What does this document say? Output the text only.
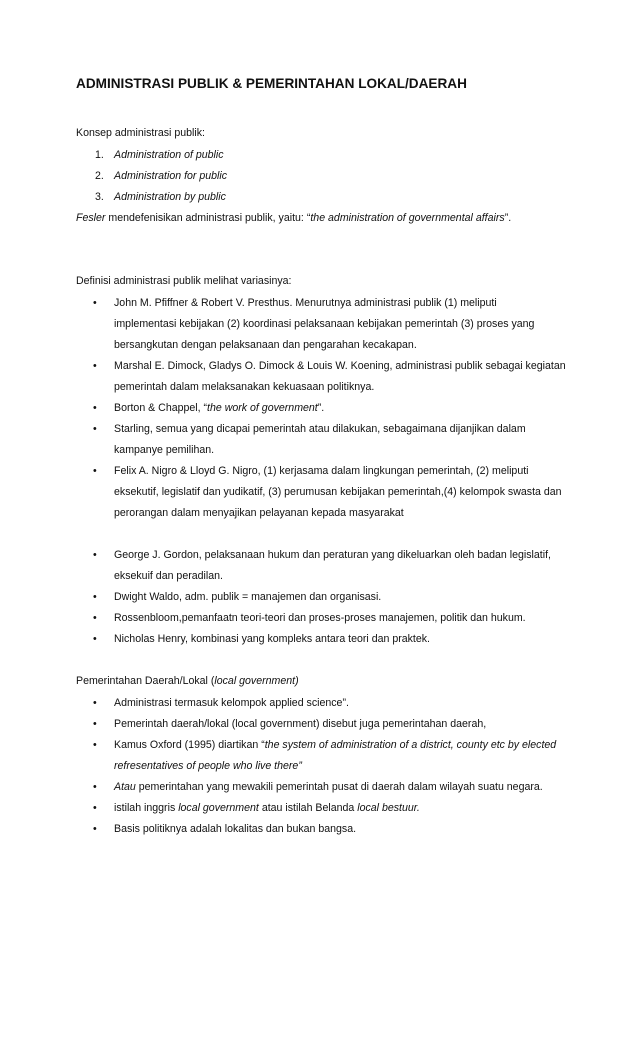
ADMINISTRASI PUBLIK & PEMERINTAHAN LOKAL/DAERAH
Konsep administrasi publik:
1. Administration of public
2. Administration for public
3. Administration by public
Fesler mendefenisikan administrasi publik, yaitu: “the administration of governmental affairs”.
Definisi administrasi publik melihat variasinya:
• John M. Pfiffner & Robert V. Presthus. Menurutnya administrasi publik (1) meliputi
implementasi kebijakan (2) koordinasi pelaksanaan kebijakan pemerintah (3) proses yang
bersangkutan dengan pelaksanaan dan pengarahan kecakapan.
• Marshal E. Dimock, Gladys O. Dimock & Louis W. Koening, administrasi publik sebagai kegiatan
pemerintah dalam melaksanakan kekuasaan politiknya.
• Borton & Chappel, “the work of government”.
• Starling, semua yang dicapai pemerintah atau dilakukan, sebagaimana dijanjikan dalam
kampanye pemilihan.
• Felix A. Nigro & Lloyd G. Nigro, (1) kerjasama dalam lingkungan pemerintah, (2) meliputi
eksekutif, legislatif dan yudikatif, (3) perumusan kebijakan pemerintah,(4) kelompok swasta dan
perorangan dalam menyajikan pelayanan kepada masyarakat
• George J. Gordon, pelaksanaan hukum dan peraturan yang dikeluarkan oleh badan legislatif,
eksekuif dan peradilan.
• Dwight Waldo, adm. publik = manajemen dan organisasi.
• Rossenbloom,pemanfaatn teori-teori dan proses-proses manajemen, politik dan hukum.
• Nicholas Henry, kombinasi yang kompleks antara teori dan praktek.
Pemerintahan Daerah/Lokal (local government)
• Administrasi termasuk kelompok applied science”.
• Pemerintah daerah/lokal (local government) disebut juga pemerintahan daerah,
• Kamus Oxford (1995) diartikan “the system of administration of a district, county etc by elected
refresentatives of people who live there”
• Atau pemerintahan yang mewakili pemerintah pusat di daerah dalam wilayah suatu negara.
• istilah inggris local government atau istilah Belanda local bestuur.
• Basis politiknya adalah lokalitas dan bukan bangsa.
